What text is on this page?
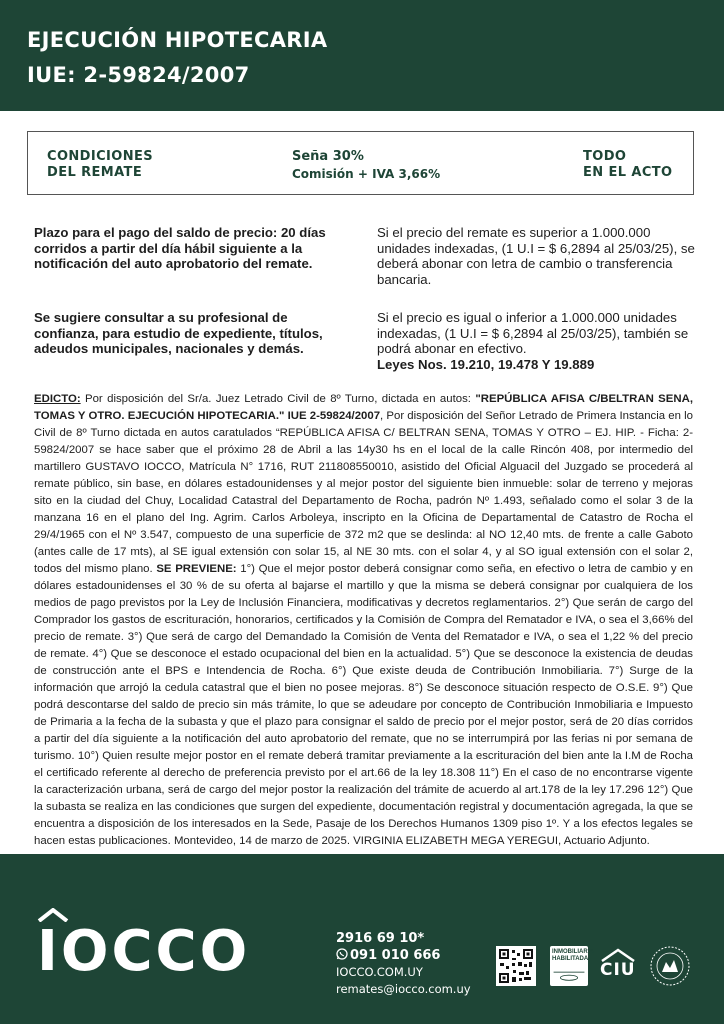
EJECUCIÓN HIPOTECARIA
IUE: 2-59824/2007
CONDICIONES
DEL REMATE
Seña 30%
Comisión + IVA 3,66%
TODO
EN EL ACTO
Plazo para el pago del saldo de precio: 20 días corridos a partir del día hábil siguiente a la notificación del auto aprobatorio del remate.
Si el precio del remate es superior a 1.000.000 unidades indexadas, (1 U.I = $ 6,2894 al 25/03/25), se deberá abonar con letra de cambio o transferencia bancaria.
Se sugiere consultar a su profesional de confianza, para estudio de expediente, títulos, adeudos municipales, nacionales y demás.
Si el precio es igual o inferior a 1.000.000 unidades indexadas, (1 U.I = $ 6,2894 al 25/03/25), también se podrá abonar en efectivo.
Leyes Nos. 19.210, 19.478 Y 19.889
EDICTO: Por disposición del Sr/a. Juez Letrado Civil de 8º Turno, dictada en autos: "REPÚBLICA AFISA C/BELTRAN SENA, TOMAS Y OTRO. EJECUCIÓN HIPOTECARIA." IUE 2-59824/2007, Por disposición del Señor Letrado de Primera Instancia en lo Civil de 8º Turno dictada en autos caratulados “REPÚBLICA AFISA C/ BELTRAN SENA, TOMAS Y OTRO – EJ. HIP. - Ficha: 2-59824/2007 se hace saber que el próximo 28 de Abril a las 14y30 hs en el local de la calle Rincón 408, por intermedio del martillero GUSTAVO IOCCO, Matrícula N° 1716, RUT 211808550010, asistido del Oficial Alguacil del Juzgado se procederá al remate público, sin base, en dólares estadounidenses y al mejor postor del siguiente bien inmueble: solar de terreno y mejoras sito en la ciudad del Chuy, Localidad Catastral del Departamento de Rocha, padrón Nº 1.493, señalado como el solar 3 de la manzana 16 en el plano del Ing. Agrim. Carlos Arboleya, inscripto en la Oficina de Departamental de Catastro de Rocha el 29/4/1965 con el Nº 3.547, compuesto de una superficie de 372 m2 que se deslinda: al NO 12,40 mts. de frente a calle Gaboto (antes calle de 17 mts), al SE igual extensión con solar 15, al NE 30 mts. con el solar 4, y al SO igual extensión con el solar 2, todos del mismo plano. SE PREVIENE: 1°) Que el mejor postor deberá consignar como seña, en efectivo o letra de cambio y en dólares estadounidenses el 30 % de su oferta al bajarse el martillo y que la misma se deberá consignar por cualquiera de los medios de pago previstos por la Ley de Inclusión Financiera, modificativas y decretos reglamentarios. 2°) Que serán de cargo del Comprador los gastos de escrituración, honorarios, certificados y la Comisión de Compra del Rematador e IVA, o sea el 3,66% del precio de remate. 3°) Que será de cargo del Demandado la Comisión de Venta del Rematador e IVA, o sea el 1,22 % del precio de remate. 4°) Que se desconoce el estado ocupacional del bien en la actualidad. 5°) Que se desconoce la existencia de deudas de construcción ante el BPS e Intendencia de Rocha. 6°) Que existe deuda de Contribución Inmobiliaria. 7°) Surge de la información que arrojó la cedula catastral que el bien no posee mejoras. 8°) Se desconoce situación respecto de O.S.E. 9°) Que podrá descontarse del saldo de precio sin más trámite, lo que se adeudare por concepto de Contribución Inmobiliaria e Impuesto de Primaria a la fecha de la subasta y que el plazo para consignar el saldo de precio por el mejor postor, será de 20 días corridos a partir del día siguiente a la notificación del auto aprobatorio del remate, que no se interrumpirá por las ferias ni por semana de turismo. 10°) Quien resulte mejor postor en el remate deberá tramitar previamente a la escrituración del bien ante la I.M de Rocha el certificado referente al derecho de preferencia previsto por el art.66 de la ley 18.308 11°) En el caso de no encontrarse vigente la caracterización urbana, será de cargo del mejor postor la realización del trámite de acuerdo al art.178 de la ley 17.296 12°) Que la subasta se realiza en las condiciones que surgen del expediente, documentación registral y documentación agregada, la que se encuentra a disposición de los interesados en la Sede, Pasaje de los Derechos Humanos 1309 piso 1º. Y a los efectos legales se hacen estas publicaciones. Montevideo, 14 de marzo de 2025. VIRGINIA ELIZABETH MEGA YEREGUI, Actuario Adjunto.
IOCCO	2916 69 10*
091 010 666
IOCCO.COM.UY
remates@iocco.com.uy
INMOBILIARIA HABILITADA
CIU
